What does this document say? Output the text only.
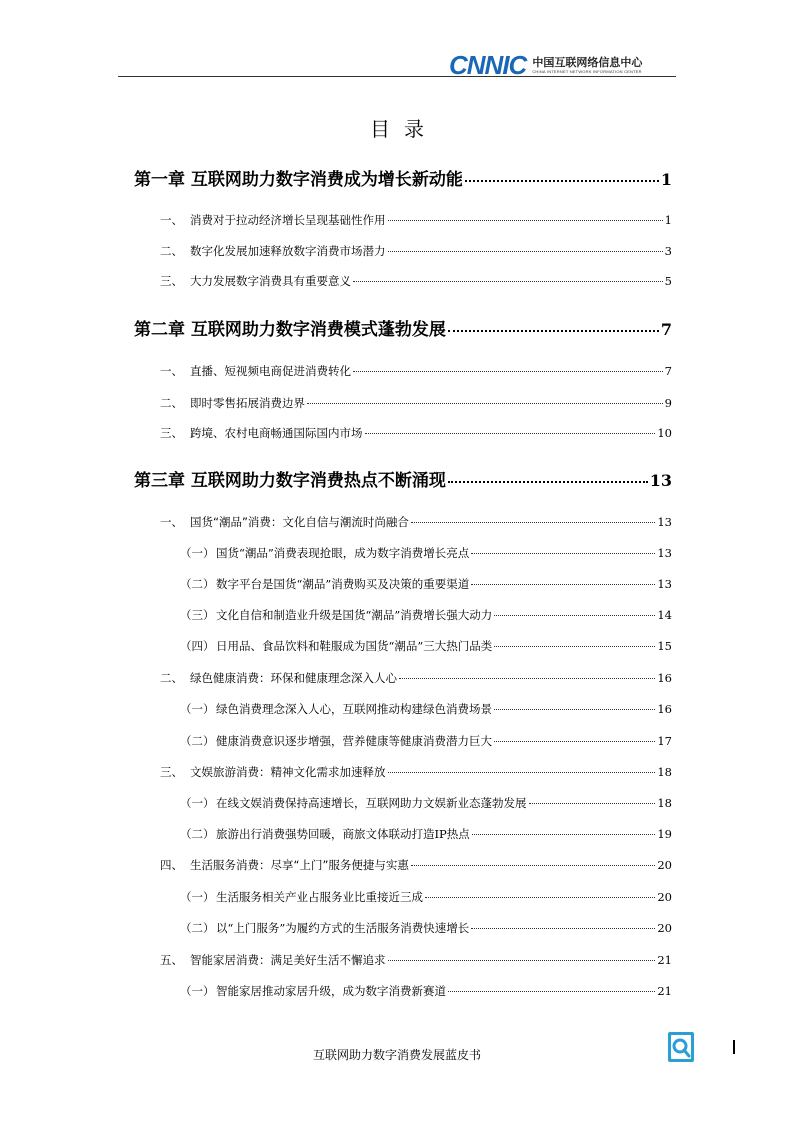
CNNIC 中国互联网络信息中心
CHINA INTERNET NETWORK INFORMATION CENTER
目录
第一章 互联网助力数字消费成为增长新动能	1
一、 消费对于拉动经济增长呈现基础性作用	1
二、 数字化发展加速释放数字消费市场潜力	3
三、 大力发展数字消费具有重要意义	5
第二章 互联网助力数字消费模式蓬勃发展	7
一、 直播、短视频电商促进消费转化	7
二、 即时零售拓展消费边界	9
三、 跨境、农村电商畅通国际国内市场	10
第三章 互联网助力数字消费热点不断涌现	13
一、 国货“潮品”消费：文化自信与潮流时尚融合	13
（一） 国货“潮品”消费表现抢眼，成为数字消费增长亮点	13
（二） 数字平台是国货“潮品”消费购买及决策的重要渠道	13
（三） 文化自信和制造业升级是国货“潮品”消费增长强大动力	14
（四） 日用品、食品饮料和鞋服成为国货“潮品”三大热门品类	15
二、 绿色健康消费：环保和健康理念深入人心	16
（一） 绿色消费理念深入人心，互联网推动构建绿色消费场景	16
（二） 健康消费意识逐步增强，营养健康等健康消费潜力巨大	17
三、 文娱旅游消费：精神文化需求加速释放	18
（一） 在线文娱消费保持高速增长，互联网助力文娱新业态蓬勃发展	18
（二） 旅游出行消费强势回暖，商旅文体联动打造IP热点	19
四、 生活服务消费：尽享“上门”服务便捷与实惠	20
（一） 生活服务相关产业占服务业比重接近三成	20
（二） 以“上门服务”为履约方式的生活服务消费快速增长	20
五、 智能家居消费：满足美好生活不懈追求	21
（一） 智能家居推动家居升级，成为数字消费新赛道	21
互联网助力数字消费发展蓝皮书
